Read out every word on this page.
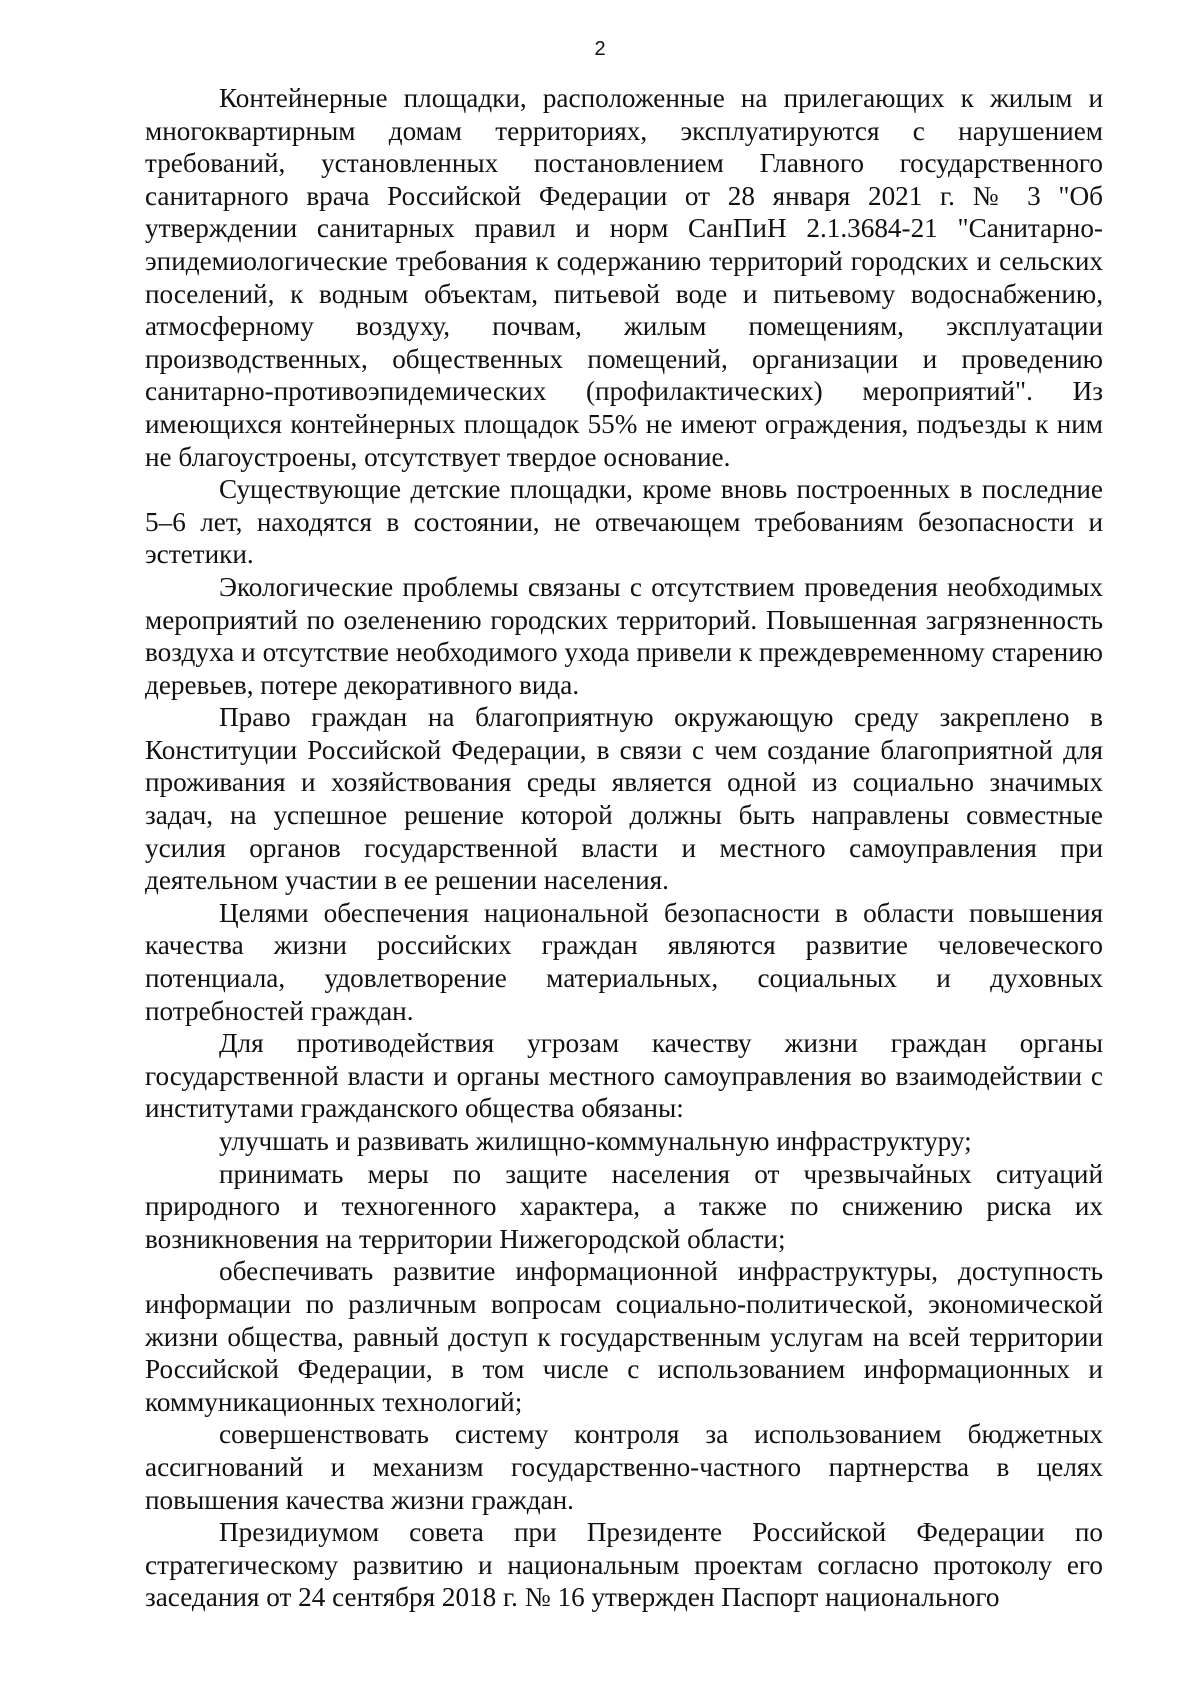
2

Контейнерные площадки, расположенные на прилегающих к жилым и многоквартирным домам территориях, эксплуатируются с нарушением требований, установленных постановлением Главного государственного санитарного врача Российской Федерации от 28 января 2021 г. № 3 "Об утверждении санитарных правил и норм СанПиН 2.1.3684-21 "Санитарно-эпидемиологические требования к содержанию территорий городских и сельских поселений, к водным объектам, питьевой воде и питьевому водоснабжению, атмосферному воздуху, почвам, жилым помещениям, эксплуатации производственных, общественных помещений, организации и проведению санитарно-противоэпидемических (профилактических) мероприятий". Из имеющихся контейнерных площадок 55% не имеют ограждения, подъезды к ним не благоустроены, отсутствует твердое основание.

Существующие детские площадки, кроме вновь построенных в последние 5–6 лет, находятся в состоянии, не отвечающем требованиям безопасности и эстетики.

Экологические проблемы связаны с отсутствием проведения необходимых мероприятий по озеленению городских территорий. Повышенная загрязненность воздуха и отсутствие необходимого ухода привели к преждевременному старению деревьев, потере декоративного вида.

Право граждан на благоприятную окружающую среду закреплено в Конституции Российской Федерации, в связи с чем создание благоприятной для проживания и хозяйствования среды является одной из социально значимых задач, на успешное решение которой должны быть направлены совместные усилия органов государственной власти и местного самоуправления при деятельном участии в ее решении населения.

Целями обеспечения национальной безопасности в области повышения качества жизни российских граждан являются развитие человеческого потенциала, удовлетворение материальных, социальных и духовных потребностей граждан.

Для противодействия угрозам качеству жизни граждан органы государственной власти и органы местного самоуправления во взаимодействии с институтами гражданского общества обязаны:

улучшать и развивать жилищно-коммунальную инфраструктуру;

принимать меры по защите населения от чрезвычайных ситуаций природного и техногенного характера, а также по снижению риска их возникновения на территории Нижегородской области;

обеспечивать развитие информационной инфраструктуры, доступность информации по различным вопросам социально-политической, экономической жизни общества, равный доступ к государственным услугам на всей территории Российской Федерации, в том числе с использованием информационных и коммуникационных технологий;

совершенствовать систему контроля за использованием бюджетных ассигнований и механизм государственно-частного партнерства в целях повышения качества жизни граждан.

Президиумом совета при Президенте Российской Федерации по стратегическому развитию и национальным проектам согласно протоколу его заседания от 24 сентября 2018 г. № 16 утвержден Паспорт национального
